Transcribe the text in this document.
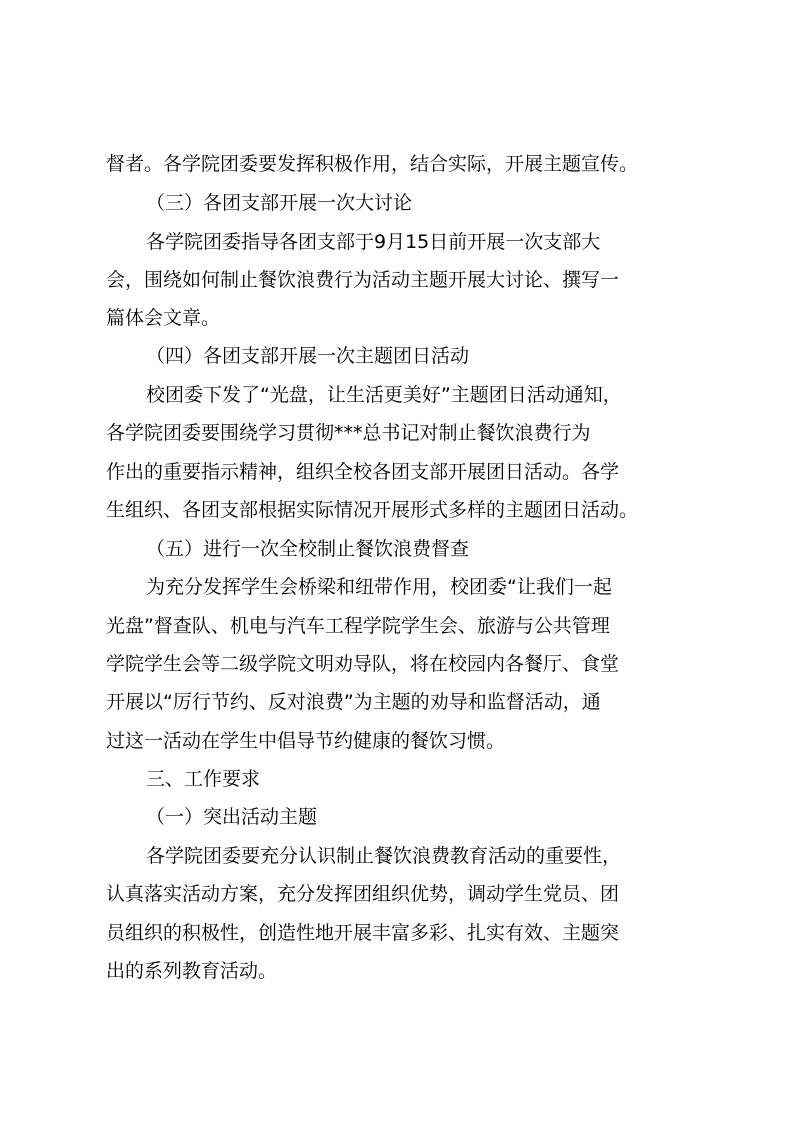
督者。各学院团委要发挥积极作用，结合实际，开展主题宣传。
（三）各团支部开展一次大讨论
各学院团委指导各团支部于9月15日前开展一次支部大
会，围绕如何制止餐饮浪费行为活动主题开展大讨论、撰写一
篇体会文章。
（四）各团支部开展一次主题团日活动
校团委下发了“光盘，让生活更美好”主题团日活动通知，
各学院团委要围绕学习贯彻***总书记对制止餐饮浪费行为
作出的重要指示精神，组织全校各团支部开展团日活动。各学
生组织、各团支部根据实际情况开展形式多样的主题团日活动。
（五）进行一次全校制止餐饮浪费督查
为充分发挥学生会桥梁和纽带作用，校团委“让我们一起
光盘”督查队、机电与汽车工程学院学生会、旅游与公共管理
学院学生会等二级学院文明劝导队，将在校园内各餐厅、食堂
开展以“厉行节约、反对浪费”为主题的劝导和监督活动，通
过这一活动在学生中倡导节约健康的餐饮习惯。
三、工作要求
（一）突出活动主题
各学院团委要充分认识制止餐饮浪费教育活动的重要性，
认真落实活动方案，充分发挥团组织优势，调动学生党员、团
员组织的积极性，创造性地开展丰富多彩、扎实有效、主题突
出的系列教育活动。
